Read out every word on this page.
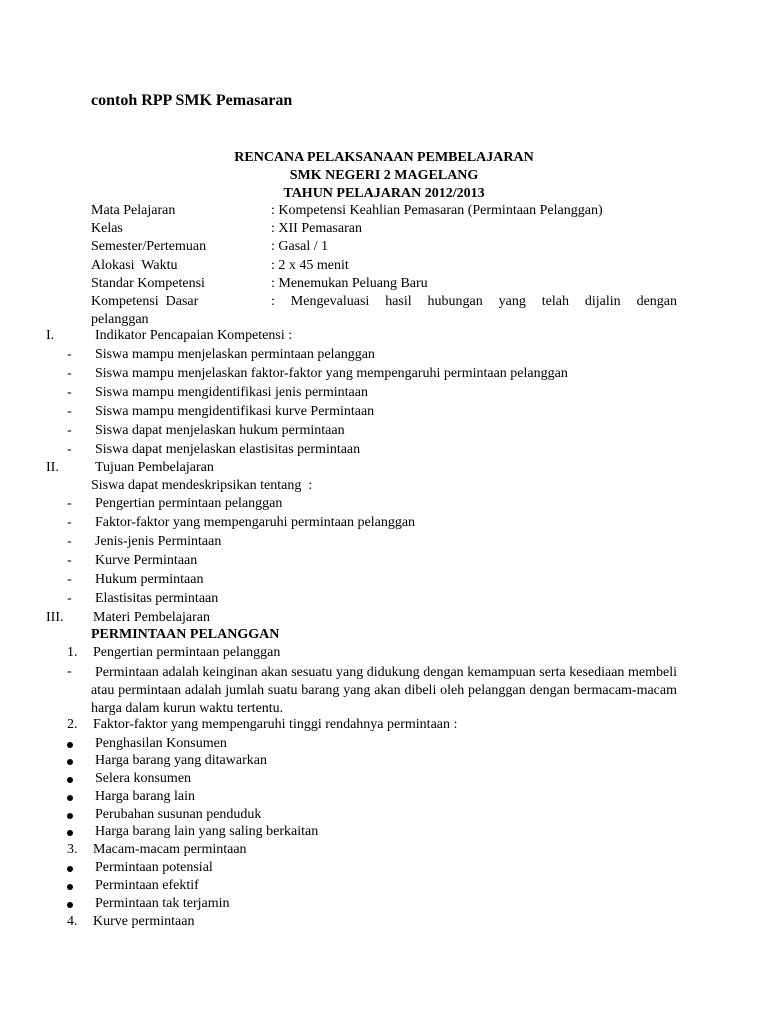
contoh RPP SMK Pemasaran
RENCANA PELAKSANAAN PEMBELAJARAN
SMK NEGERI 2 MAGELANG
TAHUN PELAJARAN 2012/2013
Mata Pelajaran	: Kompetensi Keahlian Pemasaran (Permintaan Pelanggan)
Kelas	: XII Pemasaran
Semester/Pertemuan	: Gasal / 1
Alokasi  Waktu	: 2 x 45 menit
Standar Kompetensi	: Menemukan Peluang Baru
Kompetensi  Dasar	: Mengevaluasi hasil hubungan yang telah dijalin dengan
pelanggan
I.	Indikator Pencapaian Kompetensi :
- Siswa mampu menjelaskan permintaan pelanggan
- Siswa mampu menjelaskan faktor-faktor yang mempengaruhi permintaan pelanggan
- Siswa mampu mengidentifikasi jenis permintaan
- Siswa mampu mengidentifikasi kurve Permintaan
- Siswa dapat menjelaskan hukum permintaan
- Siswa dapat menjelaskan elastisitas permintaan
II.	Tujuan Pembelajaran
Siswa dapat mendeskripsikan tentang  :
- Pengertian permintaan pelanggan
- Faktor-faktor yang mempengaruhi permintaan pelanggan
- Jenis-jenis Permintaan
- Kurve Permintaan
- Hukum permintaan
- Elastisitas permintaan
III. Materi Pembelajaran
PERMINTAAN PELANGGAN
1. Pengertian permintaan pelanggan
- Permintaan adalah keinginan akan sesuatu yang didukung dengan kemampuan serta kesediaan membeli atau permintaan adalah jumlah suatu barang yang akan dibeli oleh pelanggan dengan bermacam-macam harga dalam kurun waktu tertentu.
2. Faktor-faktor yang mempengaruhi tinggi rendahnya permintaan :
Penghasilan Konsumen
Harga barang yang ditawarkan
Selera konsumen
Harga barang lain
Perubahan susunan penduduk
Harga barang lain yang saling berkaitan
3. Macam-macam permintaan
Permintaan potensial
Permintaan efektif
Permintaan tak terjamin
4. Kurve permintaan
